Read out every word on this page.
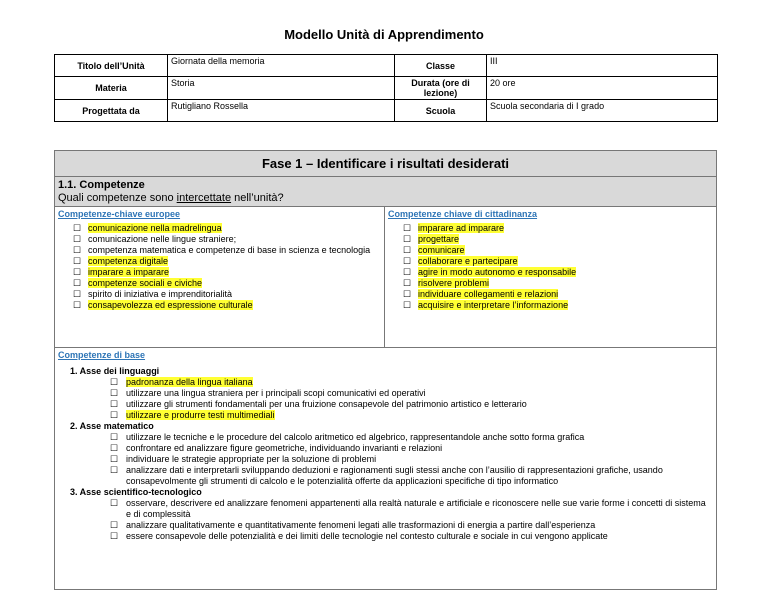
Modello Unità di Apprendimento
Titolo dell’Unità	Giornata della memoria	Classe	III
Materia	Storia	Durata (ore di lezione)	20 ore
Progettata da	Rutigliano Rossella	Scuola	Scuola secondaria di I grado
Fase 1 – Identificare i risultati desiderati
1.1. Competenze
Quali competenze sono intercettate nell’unità?
Competenze-chiave europee
☐ comunicazione nella madrelingua
☐ comunicazione nelle lingue straniere;
☐ competenza matematica e competenze di base in scienza e tecnologia
☐ competenza digitale
☐ imparare a imparare
☐ competenze sociali e civiche
☐ spirito di iniziativa e imprenditorialità
☐ consapevolezza ed espressione culturale
Competenze chiave di cittadinanza
☐ imparare ad imparare
☐ progettare
☐ comunicare
☐ collaborare e partecipare
☐ agire in modo autonomo e responsabile
☐ risolvere problemi
☐ individuare collegamenti e relazioni
☐ acquisire e interpretare l’informazione
Competenze di base
1. Asse dei linguaggi
☐ padronanza della lingua italiana
☐ utilizzare una lingua straniera per i principali scopi comunicativi ed operativi
☐ utilizzare gli strumenti fondamentali per una fruizione consapevole del patrimonio artistico e letterario
☐ utilizzare e produrre testi multimediali
2. Asse matematico
☐ utilizzare le tecniche e le procedure del calcolo aritmetico ed algebrico, rappresentandole anche sotto forma grafica
☐ confrontare ed analizzare figure geometriche, individuando invarianti e relazioni
☐ individuare le strategie appropriate per la soluzione di problemi
☐ analizzare dati e interpretarli sviluppando deduzioni e ragionamenti sugli stessi anche con l’ausilio di rappresentazioni grafiche, usando consapevolmente gli strumenti di calcolo e le potenzialità offerte da applicazioni specifiche di tipo informatico
3. Asse scientifico-tecnologico
☐ osservare, descrivere ed analizzare fenomeni appartenenti alla realtà naturale e artificiale e riconoscere nelle sue varie forme i concetti di sistema e di complessità
☐ analizzare qualitativamente e quantitativamente fenomeni legati alle trasformazioni di energia a partire dall’esperienza
☐ essere consapevole delle potenzialità e dei limiti delle tecnologie nel contesto culturale e sociale in cui vengono applicate
